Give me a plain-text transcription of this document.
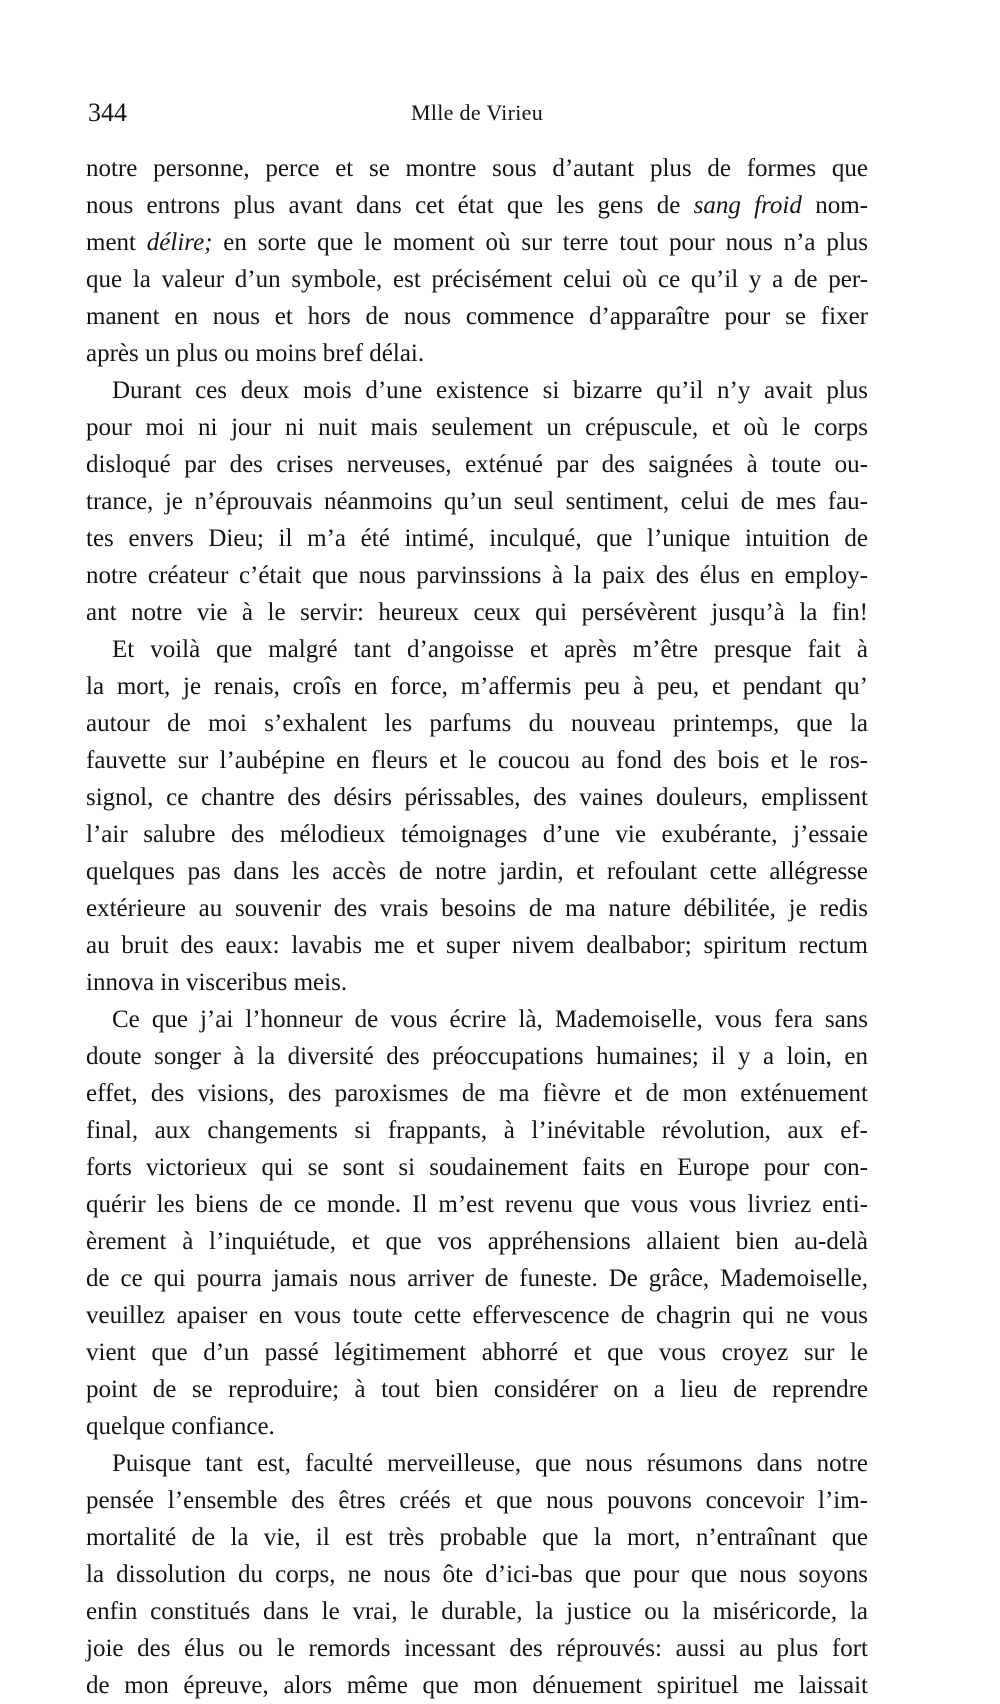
344	Mlle de Virieu
notre personne, perce et se montre sous d’autant plus de formes que
nous entrons plus avant dans cet état que les gens de sang froid nom-
ment délire; en sorte que le moment où sur terre tout pour nous n’a plus
que la valeur d’un symbole, est précisément celui où ce qu’il y a de per-
manent en nous et hors de nous commence d’apparaître pour se fixer
après un plus ou moins bref délai.
Durant ces deux mois d’une existence si bizarre qu’il n’y avait plus
pour moi ni jour ni nuit mais seulement un crépuscule, et où le corps
disloqué par des crises nerveuses, exténué par des saignées à toute ou-
trance, je n’éprouvais néanmoins qu’un seul sentiment, celui de mes fau-
tes envers Dieu; il m’a été intimé, inculqué, que l’unique intuition de
notre créateur c’était que nous parvinssions à la paix des élus en employ-
ant notre vie à le servir: heureux ceux qui persévèrent jusqu’à la fin!
Et voilà que malgré tant d’angoisse et après m’être presque fait à
la mort, je renais, croîs en force, m’affermis peu à peu, et pendant qu’
autour de moi s’exhalent les parfums du nouveau printemps, que la
fauvette sur l’aubépine en fleurs et le coucou au fond des bois et le ros-
signol, ce chantre des désirs périssables, des vaines douleurs, emplissent
l’air salubre des mélodieux témoignages d’une vie exubérante, j’essaie
quelques pas dans les accès de notre jardin, et refoulant cette allégresse
extérieure au souvenir des vrais besoins de ma nature débilitée, je redis
au bruit des eaux: lavabis me et super nivem dealbabor; spiritum rectum
innova in visceribus meis.
Ce que j’ai l’honneur de vous écrire là, Mademoiselle, vous fera sans
doute songer à la diversité des préoccupations humaines; il y a loin, en
effet, des visions, des paroxismes de ma fièvre et de mon exténuement
final, aux changements si frappants, à l’inévitable révolution, aux ef-
forts victorieux qui se sont si soudainement faits en Europe pour con-
quérir les biens de ce monde. Il m’est revenu que vous vous livriez enti-
èrement à l’inquiétude, et que vos appréhensions allaient bien au-delà
de ce qui pourra jamais nous arriver de funeste. De grâce, Mademoiselle,
veuillez apaiser en vous toute cette effervescence de chagrin qui ne vous
vient que d’un passé légitimement abhorré et que vous croyez sur le
point de se reproduire; à tout bien considérer on a lieu de reprendre
quelque confiance.
Puisque tant est, faculté merveilleuse, que nous résumons dans notre
pensée l’ensemble des êtres créés et que nous pouvons concevoir l’im-
mortalité de la vie, il est très probable que la mort, n’entraînant que
la dissolution du corps, ne nous ôte d’ici-bas que pour que nous soyons
enfin constitués dans le vrai, le durable, la justice ou la miséricorde, la
joie des élus ou le remords incessant des réprouvés: aussi au plus fort
de mon épreuve, alors même que mon dénuement spirituel me laissait
